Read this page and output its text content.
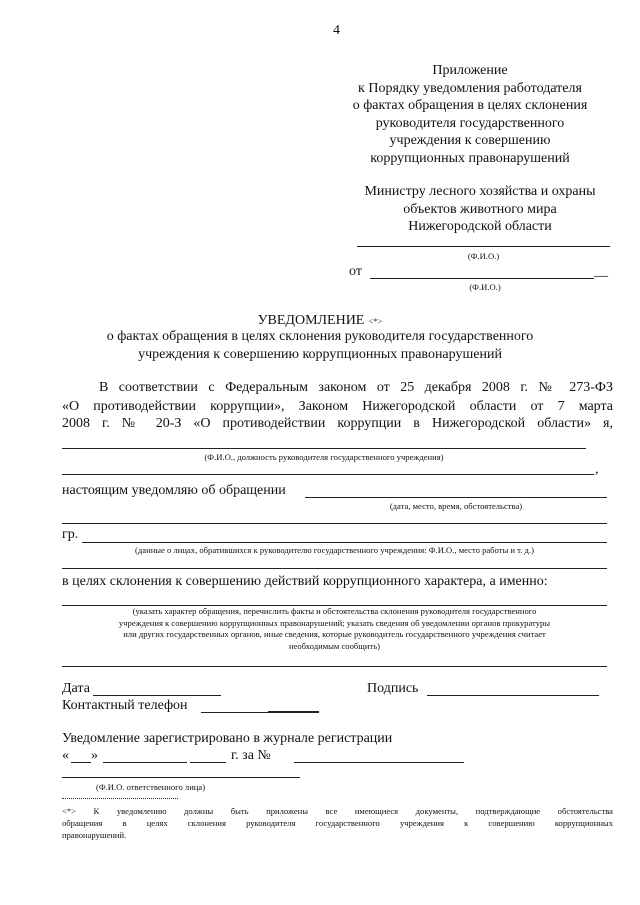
4
Приложение
к Порядку уведомления работодателя
о фактах обращения в целях склонения
руководителя государственного
учреждения к совершению
коррупционных правонарушений
Министру лесного хозяйства и охраны
объектов животного мира
Нижегородской области
(Ф.И.О.)
от	__
(Ф.И.О.)
УВЕДОМЛЕНИЕ <*>
о фактах обращения в целях склонения руководителя государственного
учреждения к совершению коррупционных правонарушений
В соответствии с Федеральным законом от 25 декабря 2008 г. № 273-ФЗ
«О противодействии коррупции», Законом Нижегородской области от 7 марта
2008 г. № 20-З «О противодействии коррупции в Нижегородской области» я,
(Ф.И.О., должность руководителя государственного учреждения)
,
настоящим уведомляю об обращении
(дата, место, время, обстоятельства)
гр.
(данные о лицах, обратившихся к руководителю государственного учреждения: Ф.И.О., место работы и т. д.)
в целях склонения к совершению действий коррупционного характера, а именно:
(указать характер обращения, перечислить факты и обстоятельства склонения руководителя государственного
учреждения к совершению коррупционных правонарушений; указать сведения об уведомлении органов прокуратуры
или других государственных органов, иные сведения, которые руководитель государственного учреждения считает
необходимым сообщить)
Дата	Подпись
Контактный телефон
Уведомление зарегистрировано в журнале регистрации
« »	г. за №
(Ф.И.О. ответственного лица)
<*> К уведомлению должны быть приложены все имеющиеся документы, подтверждающие обстоятельства
обращения в целях склонения руководителя государственного учреждения к совершению коррупционных
правонарушений.
